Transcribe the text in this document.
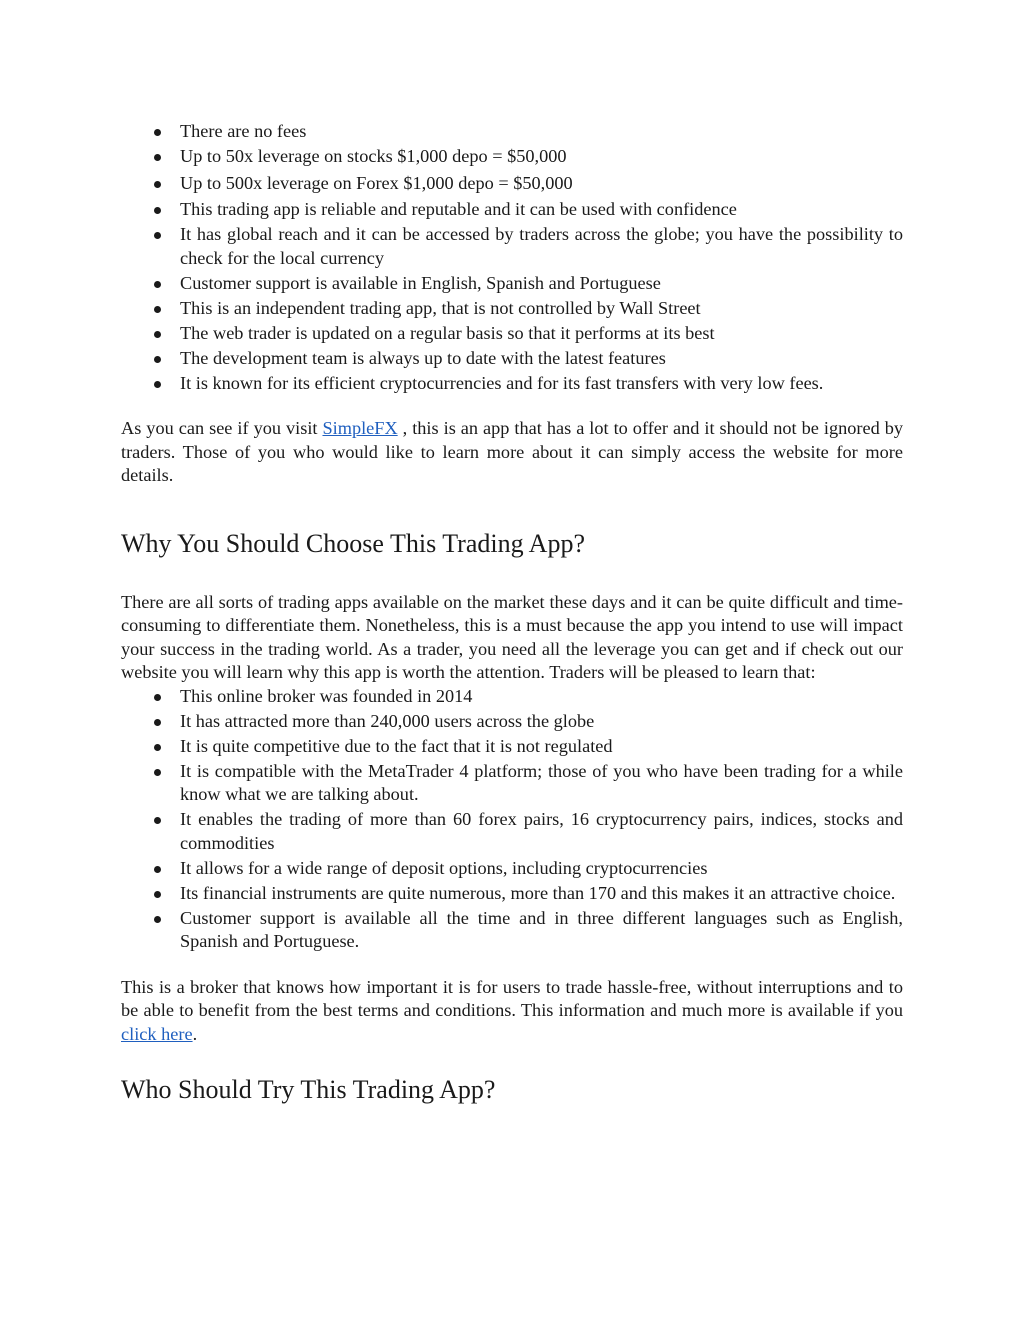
There are no fees
Up to 50x leverage on stocks $1,000 depo = $50,000
Up to 500x leverage on Forex $1,000 depo = $50,000
This trading app is reliable and reputable and it can be used with confidence
It has global reach and it can be accessed by traders across the globe; you have the possibility to check for the local currency
Customer support is available in English, Spanish and Portuguese
This is an independent trading app, that is not controlled by Wall Street
The web trader is updated on a regular basis so that it performs at its best
The development team is always up to date with the latest features
It is known for its efficient cryptocurrencies and for its fast transfers with very low fees.

As you can see if you visit SimpleFX , this is an app that has a lot to offer and it should not be ignored by traders. Those of you who would like to learn more about it can simply access the website for more details.

Why You Should Choose This Trading App?

There are all sorts of trading apps available on the market these days and it can be quite difficult and time-consuming to differentiate them. Nonetheless, this is a must because the app you intend to use will impact your success in the trading world. As a trader, you need all the leverage you can get and if check out our website you will learn why this app is worth the attention. Traders will be pleased to learn that:

This online broker was founded in 2014
It has attracted more than 240,000 users across the globe
It is quite competitive due to the fact that it is not regulated
It is compatible with the MetaTrader 4 platform; those of you who have been trading for a while know what we are talking about.
It enables the trading of more than 60 forex pairs, 16 cryptocurrency pairs, indices, stocks and commodities
It allows for a wide range of deposit options, including cryptocurrencies
Its financial instruments are quite numerous, more than 170 and this makes it an attractive choice.
Customer support is available all the time and in three different languages such as English, Spanish and Portuguese.

This is a broker that knows how important it is for users to trade hassle-free, without interruptions and to be able to benefit from the best terms and conditions. This information and much more is available if you click here.

Who Should Try This Trading App?
